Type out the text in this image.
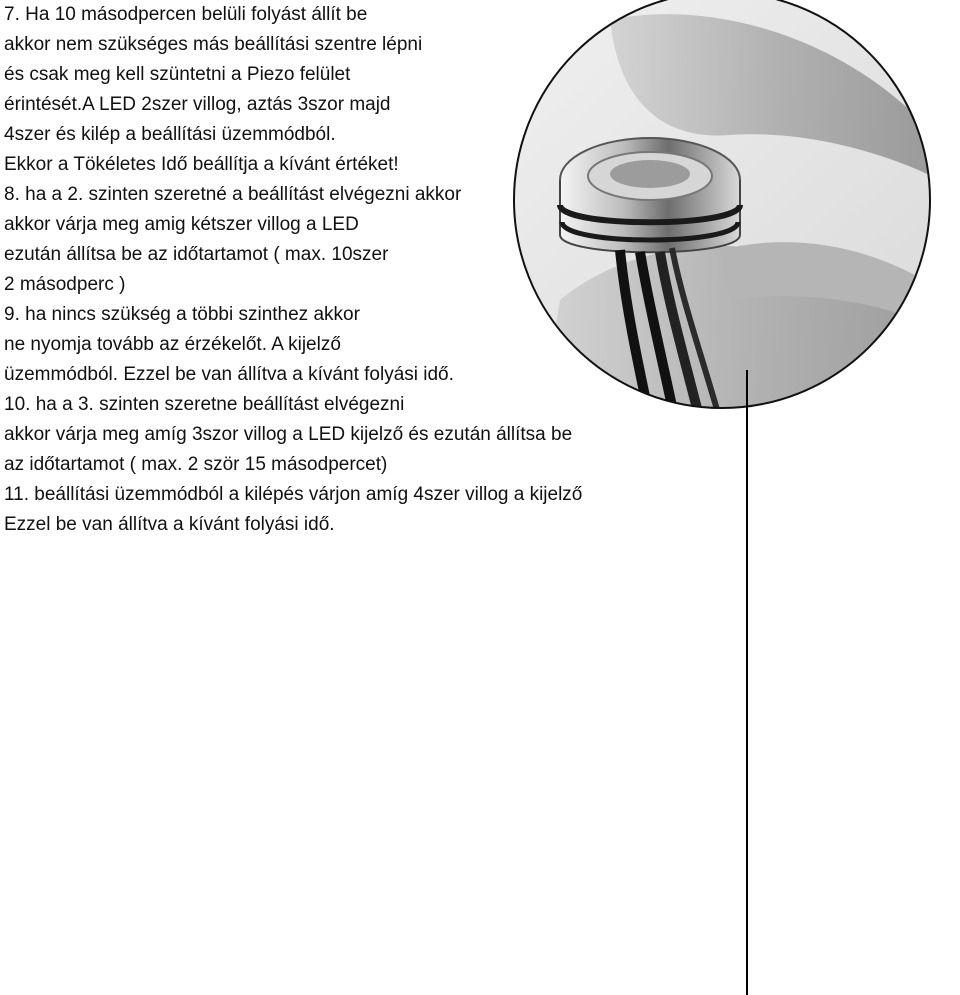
7. Ha 10 másodpercen belüli folyást állít be
akkor nem szükséges más beállítási szentre lépni
és csak meg kell szüntetni a Piezo felület
érintését.A LED 2szer villog, aztás 3szor majd
4szer és kilép a beállítási üzemmódból.
Ekkor a Tökéletes Idő beállítja a kívánt értéket!
8. ha a 2. szinten szeretné a beállítást elvégezni akkor
akkor várja meg amig kétszer villog a LED
ezután állítsa be az időtartamot ( max. 10szer
2 másodperc )
9. ha nincs szükség a többi szinthez akkor
ne nyomja tovább az érzékelőt. A kijelző
üzemmódból. Ezzel be van állítva a kívánt folyási idő.
10. ha a 3. szinten szeretne beállítást elvégezni
akkor várja meg amíg 3szor villog a LED kijelző és ezután állítsa be
az időtartamot ( max. 2 ször 15 másodpercet)
11. beállítási üzemmódból a kilépés várjon amíg 4szer villog a kijelző
Ezzel be van állítva a kívánt folyási idő.
